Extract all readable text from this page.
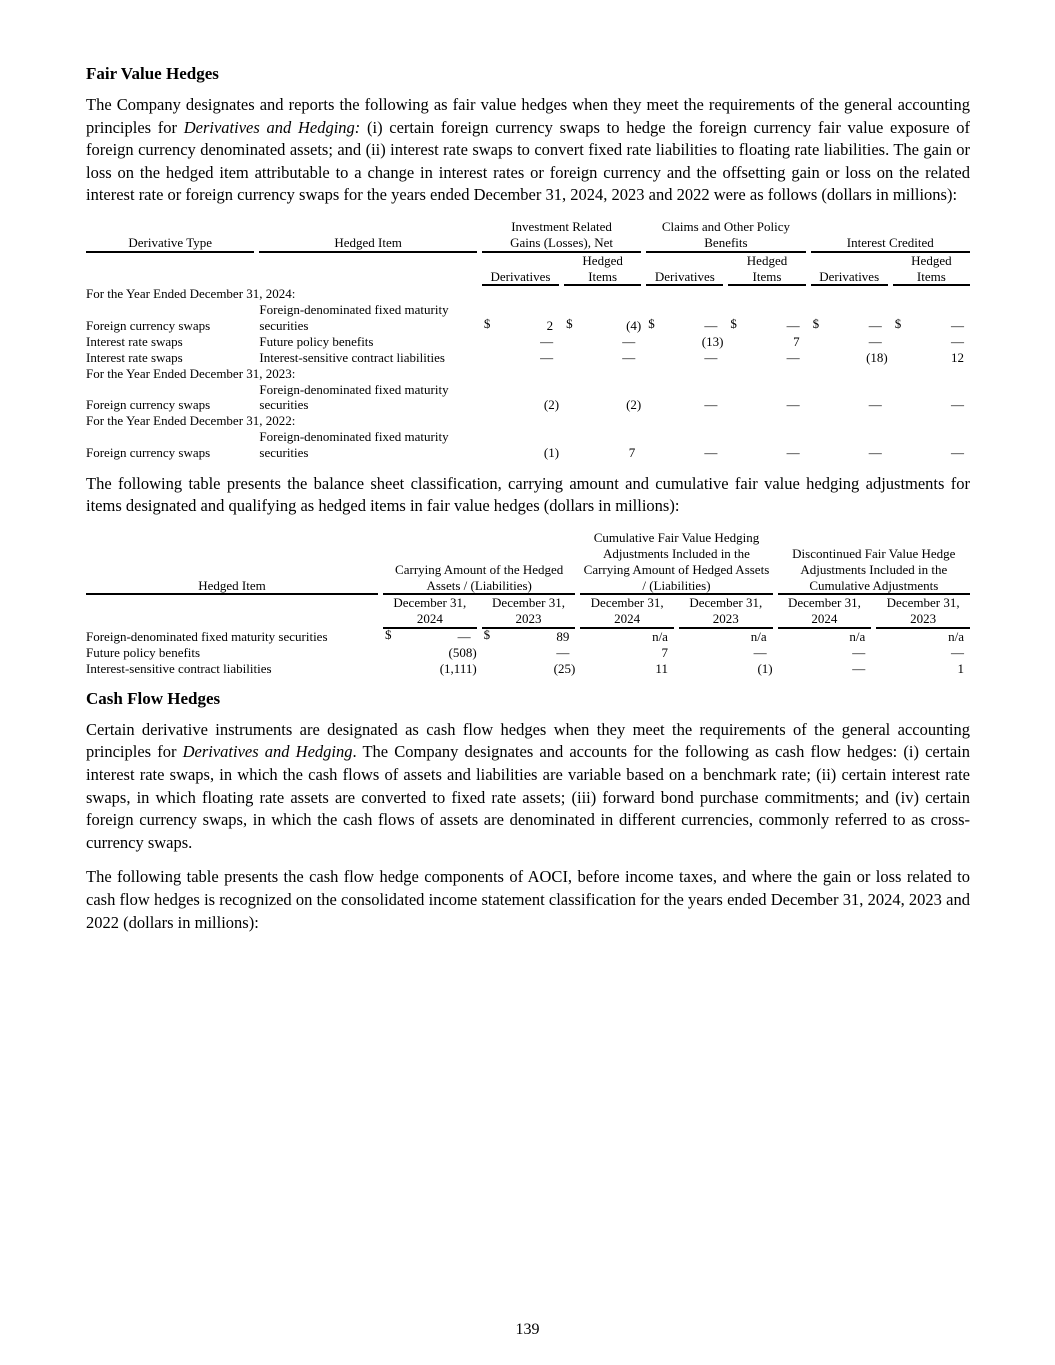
Fair Value Hedges

The Company designates and reports the following as fair value hedges when they meet the requirements of the general accounting principles for Derivatives and Hedging: (i) certain foreign currency swaps to hedge the foreign currency fair value exposure of foreign currency denominated assets; and (ii) interest rate swaps to convert fixed rate liabilities to floating rate liabilities. The gain or loss on the hedged item attributable to a change in interest rates or foreign currency and the offsetting gain or loss on the related interest rate or foreign currency swaps for the years ended December 31, 2024, 2023 and 2022 were as follows (dollars in millions):

Derivative Type	Hedged Item	Investment Related Gains (Losses), Net		Claims and Other Policy Benefits		Interest Credited	
		Derivatives	Hedged Items	Derivatives	Hedged Items	Derivatives	Hedged Items
For the Year Ended December 31, 2024:							
Foreign currency swaps	Foreign-denominated fixed maturity securities	$ 2	$ (4)	$ —	$ —	$ —	$ —
Interest rate swaps	Future policy benefits	—	—	(13)	7	—	—
Interest rate swaps	Interest-sensitive contract liabilities	—	—	—	—	(18)	12
For the Year Ended December 31, 2023:							
Foreign currency swaps	Foreign-denominated fixed maturity securities	(2)	(2)	—	—	—	—
For the Year Ended December 31, 2022:							
Foreign currency swaps	Foreign-denominated fixed maturity securities	(1)	7	—	—	—	—

The following table presents the balance sheet classification, carrying amount and cumulative fair value hedging adjustments for items designated and qualifying as hedged items in fair value hedges (dollars in millions):

Hedged Item	Carrying Amount of the Hedged Assets / (Liabilities)		Cumulative Fair Value Hedging Adjustments Included in the Carrying Amount of Hedged Assets / (Liabilities)		Discontinued Fair Value Hedge Adjustments Included in the Cumulative Adjustments	
	December 31, 2024	December 31, 2023	December 31, 2024	December 31, 2023	December 31, 2024	December 31, 2023
Foreign-denominated fixed maturity securities	$ —	$ 89	n/a	n/a	n/a	n/a
Future policy benefits	(508)	—	7	—	—	—
Interest-sensitive contract liabilities	(1,111)	(25)	11	(1)	—	1
Cash Flow Hedges

Certain derivative instruments are designated as cash flow hedges when they meet the requirements of the general accounting principles for Derivatives and Hedging. The Company designates and accounts for the following as cash flow hedges: (i) certain interest rate swaps, in which the cash flows of assets and liabilities are variable based on a benchmark rate; (ii) certain interest rate swaps, in which floating rate assets are converted to fixed rate assets; (iii) forward bond purchase commitments; and (iv) certain foreign currency swaps, in which the cash flows of assets are denominated in different currencies, commonly referred to as cross-currency swaps.

The following table presents the cash flow hedge components of AOCI, before income taxes, and where the gain or loss related to cash flow hedges is recognized on the consolidated income statement classification for the years ended December 31, 2024, 2023 and 2022 (dollars in millions):

139
